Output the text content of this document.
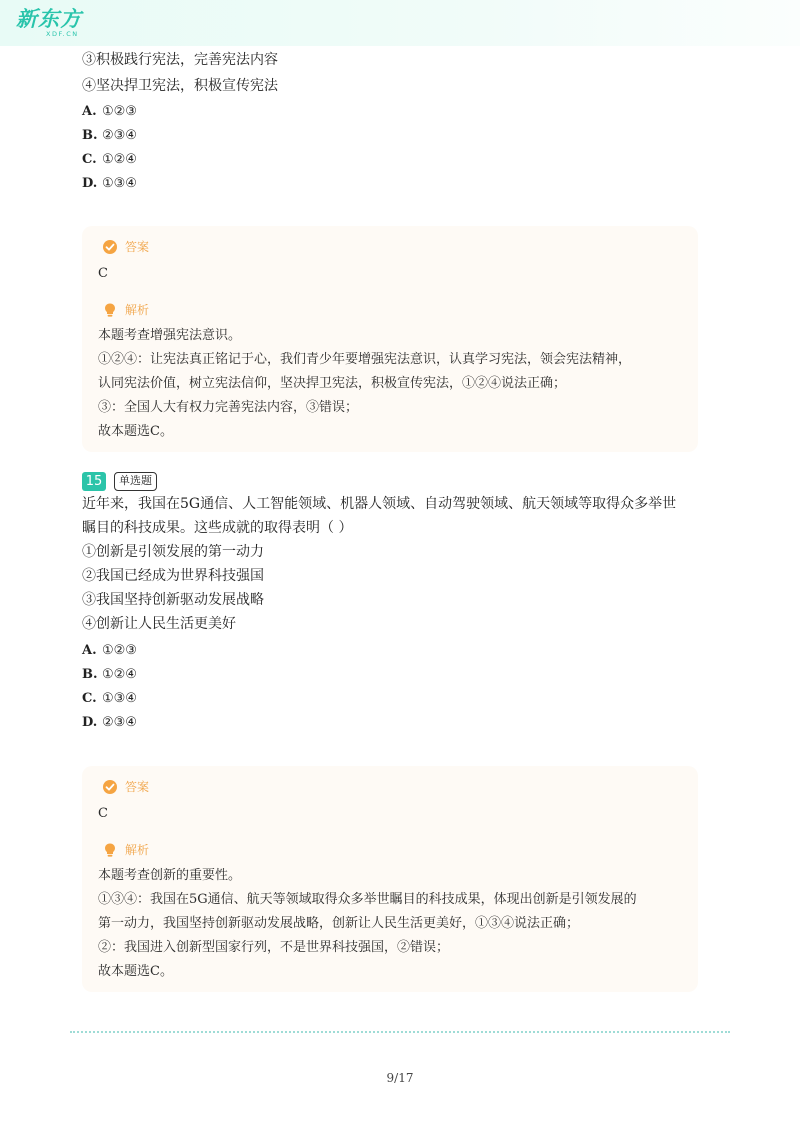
新东方
XDF.CN
③积极践行宪法，完善宪法内容
④坚决捍卫宪法，积极宣传宪法
A. ①②③
B. ②③④
C. ①②④
D. ①③④
答案
C
解析
本题考查增强宪法意识。
①②④：让宪法真正铭记于心，我们青少年要增强宪法意识，认真学习宪法，领会宪法精神，
认同宪法价值，树立宪法信仰，坚决捍卫宪法，积极宣传宪法，①②④说法正确；
③：全国人大有权力完善宪法内容，③错误；
故本题选C。
15	单选题
近年来，我国在5G通信、人工智能领域、机器人领域、自动驾驶领域、航天领域等取得众多举世
瞩目的科技成果。这些成就的取得表明（ ）
①创新是引领发展的第一动力
②我国已经成为世界科技强国
③我国坚持创新驱动发展战略
④创新让人民生活更美好
A. ①②③
B. ①②④
C. ①③④
D. ②③④
答案
C
解析
本题考查创新的重要性。
①③④：我国在5G通信、航天等领域取得众多举世瞩目的科技成果，体现出创新是引领发展的
第一动力，我国坚持创新驱动发展战略，创新让人民生活更美好，①③④说法正确；
②：我国进入创新型国家行列，不是世界科技强国，②错误；
故本题选C。
9/17
